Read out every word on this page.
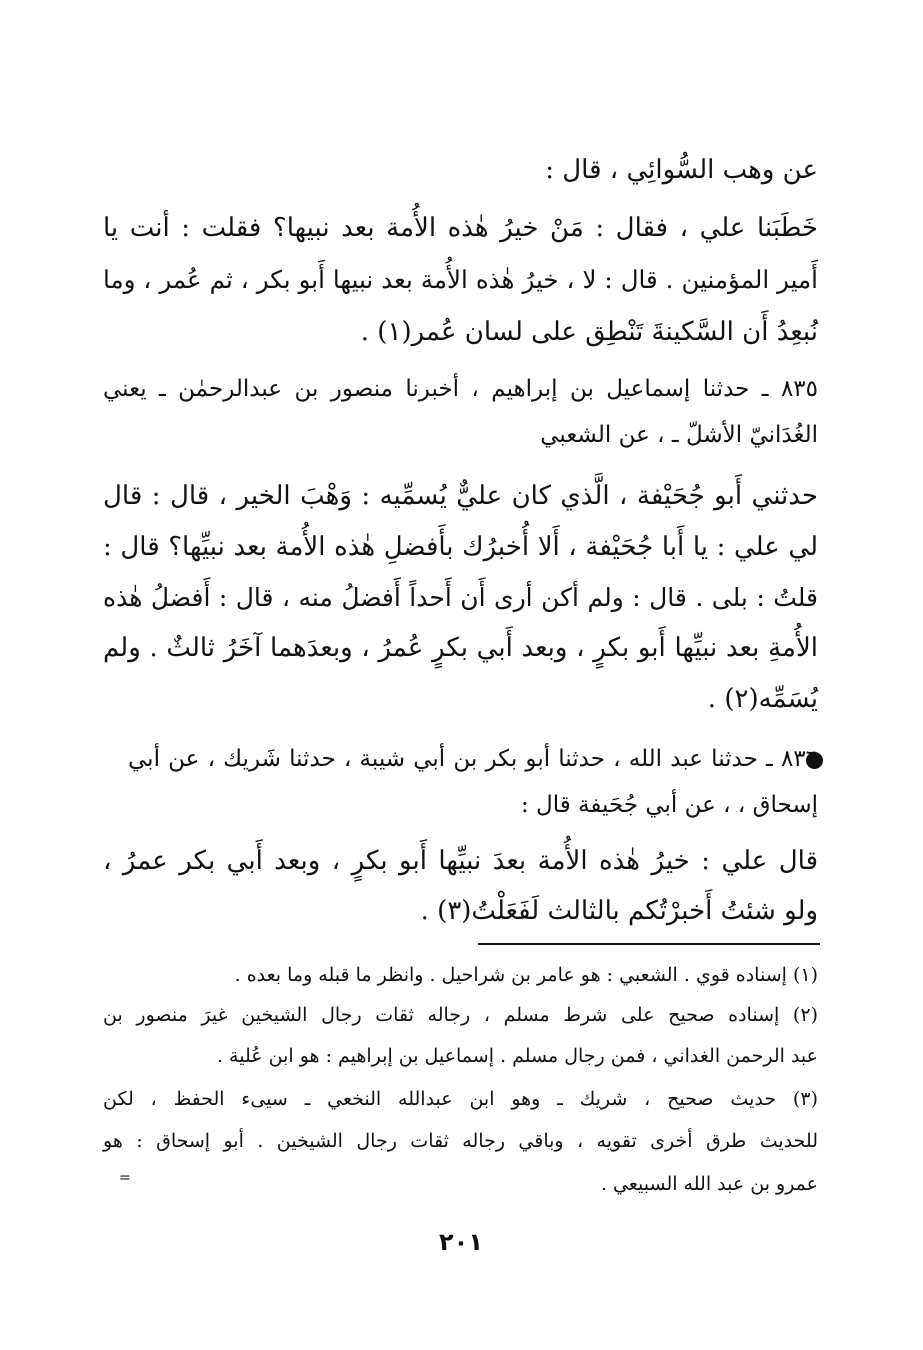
عن وهب السُّوائِي ، قال :
خَطَبَنا علي ، فقال : مَنْ خيرُ هٰذه الأُمة بعد نبيها؟ فقلت : أنت يا
أَمير المؤمنين . قال : لا ، خيرُ هٰذه الأُمة بعد نبيها أَبو بكر ، ثم عُمر ، وما
نُبعِدُ أَن السَّكينةَ تَنْطِق على لسان عُمر(١) .
٨٣٥ ـ حدثنا إسماعيل بن إبراهيم ، أخبرنا منصور بن عبدالرحمٰن ـ يعني
الغُدَانيّ الأشلّ ـ ، عن الشعبي
حدثني أَبو جُحَيْفة ، الَّذي كان عليٌّ يُسمِّيه : وَهْبَ الخير ، قال : قال
لي علي : يا أَبا جُحَيْفة ، أَلا أُخبرُك بأَفضلِ هٰذه الأُمة بعد نبيِّها؟ قال :
قلتُ : بلى . قال : ولم أكن أرى أَن أَحداً أَفضلُ منه ، قال : أَفضلُ هٰذه
الأُمةِ بعد نبيِّها أَبو بكرٍ ، وبعد أَبي بكرٍ عُمرُ ، وبعدَهما آخَرُ ثالثٌ . ولم
يُسَمِّه(٢) .
٨٣٦ ـ حدثنا عبد الله ، حدثنا أبو بكر بن أبي شيبة ، حدثنا شَريك ، عن أبي
إسحاق ، ، عن أبي جُحَيفة قال :
قال علي : خيرُ هٰذه الأُمة بعدَ نبيِّها أَبو بكرٍ ، وبعد أَبي بكر عمرُ ،
ولو شئتُ أَخبرْتُكم بالثالث لَفَعَلْتُ(٣) .
(١) إسناده قوي . الشعبي : هو عامر بن شراحيل . وانظر ما قبله وما بعده .
(٢) إسناده صحيح على شرط مسلم ، رجاله ثقات رجال الشيخين غيرَ منصور بن
عبد الرحمن الغداني ، فمن رجال مسلم . إسماعيل بن إبراهيم : هو ابن عُلية .
(٣) حديث صحيح ، شريك ـ وهو ابن عبدالله النخعي ـ سيىء الحفظ ، لكن
للحديث طرق أخرى تقويه ، وباقي رجاله ثقات رجال الشيخين . أبو إسحاق : هو
عمرو بن عبد الله السبيعي .
=
٢٠١
